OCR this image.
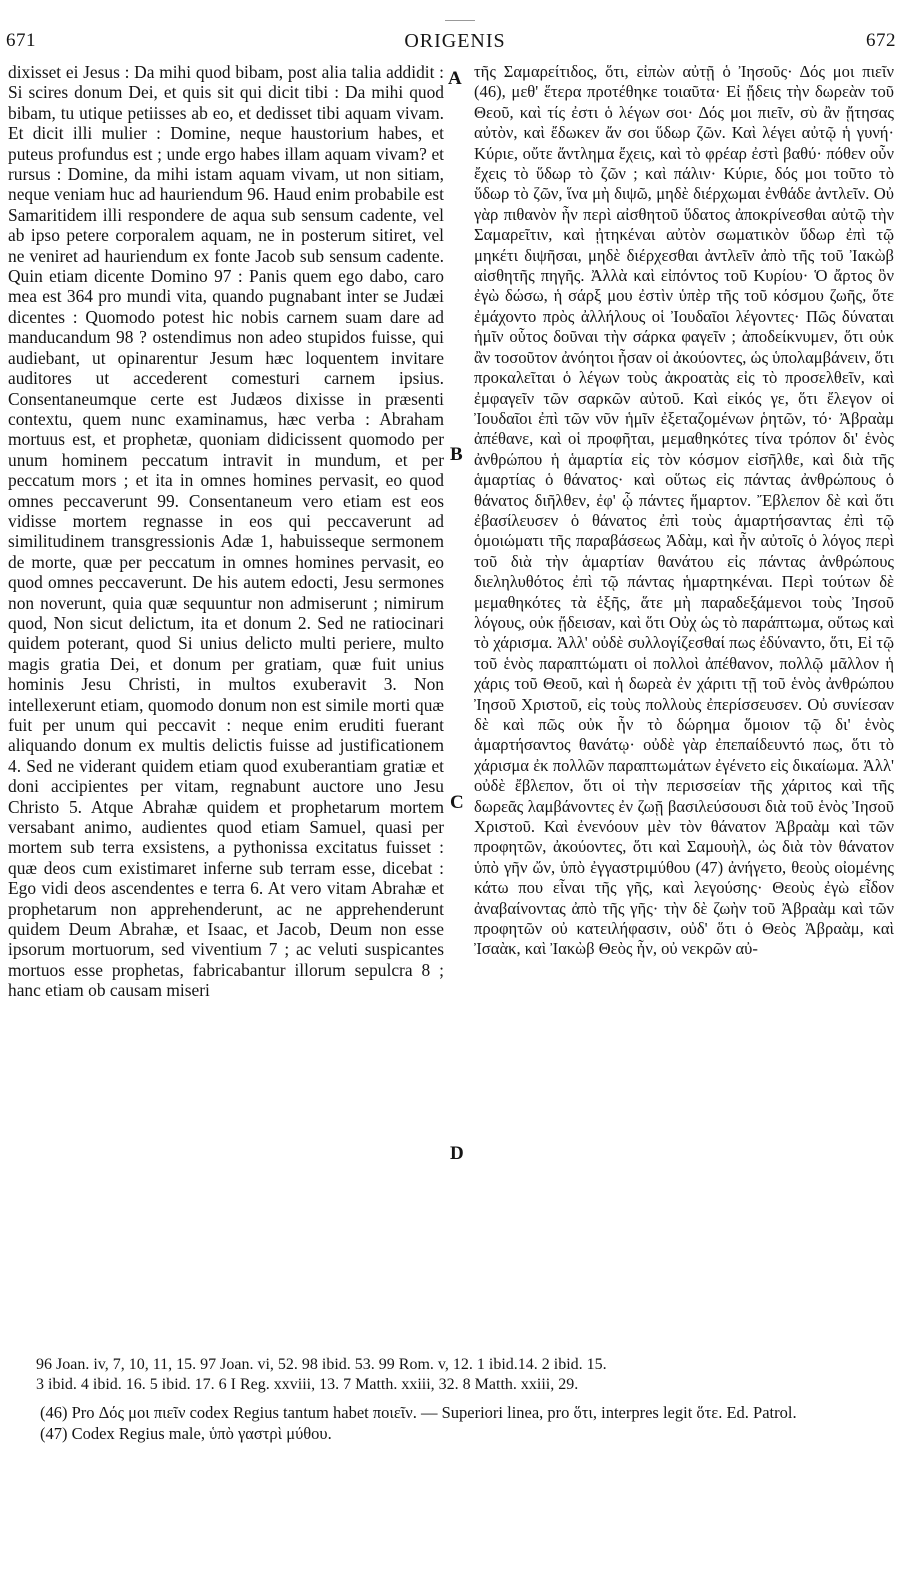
671	ORIGENIS	672

dixisset ei Jesus : Da mihi quod bibam, post alia talia addidit : Si scires donum Dei, et quis sit qui dicit tibi : Da mihi quod bibam, tu utique petiisses ab eo, et dedisset tibi aquam vivam. Et dicit illi mulier : Domine, neque haustorium habes, et puteus profundus est ; unde ergo habes illam aquam vivam? et rursus : Domine, da mihi istam aquam vivam, ut non sitiam, neque veniam huc ad hauriendum 96. Haud enim probabile est Samaritidem illi respondere de aqua sub sensum cadente, vel ab ipso petere corporalem aquam, ne in posterum sitiret, vel ne veniret ad hauriendum ex fonte Jacob sub sensum cadente. Quin etiam dicente Domino 97 : Panis quem ego dabo, caro mea est 364 pro mundi vita, quando pugnabant inter se Judæi dicentes : Quomodo potest hic nobis carnem suam dare ad manducandum 98 ? ostendimus non adeo stupidos fuisse, qui audiebant, ut opinarentur Jesum hæc loquentem invitare auditores ut accederent comesturi carnem ipsius. Consentaneumque certe est Judæos dixisse in præsenti contextu, quem nunc examinamus, hæc verba : Abraham mortuus est, et prophetæ, quoniam didicissent quomodo per unum hominem peccatum intravit in mundum, et per peccatum mors ; et ita in omnes homines pervasit, eo quod omnes peccaverunt 99. Consentaneum vero etiam est eos vidisse mortem regnasse in eos qui peccaverunt ad similitudinem transgressionis Adæ 1, habuisseque sermonem de morte, quæ per peccatum in omnes homines pervasit, eo quod omnes peccaverunt. De his autem edocti, Jesu sermones non noverunt, quia quæ sequuntur non admiserunt ; nimirum quod, Non sicut delictum, ita et donum 2. Sed ne ratiocinari quidem poterant, quod Si unius delicto multi periere, multo magis gratia Dei, et donum per gratiam, quæ fuit unius hominis Jesu Christi, in multos exuberavit 3. Non intellexerunt etiam, quomodo donum non est simile morti quæ fuit per unum qui peccavit : neque enim eruditi fuerant aliquando donum ex multis delictis fuisse ad justificationem 4. Sed ne viderant quidem etiam quod exuberantiam gratiæ et doni accipientes per vitam, regnabunt auctore uno Jesu Christo 5. Atque Abrahæ quidem et prophetarum mortem versabant animo, audientes quod etiam Samuel, quasi per mortem sub terra exsistens, a pythonissa excitatus fuisset : quæ deos cum existimaret inferne sub terram esse, dicebat : Ego vidi deos ascendentes e terra 6. At vero vitam Abrahæ et prophetarum non apprehenderunt, ac ne apprehenderunt quidem Deum Abrahæ, et Isaac, et Jacob, Deum non esse ipsorum mortuorum, sed viventium 7 ; ac veluti suspicantes mortuos esse prophetas, fabricabantur illorum sepulcra 8 ; hanc etiam ob causam miseri

A
B
C
D

τῆς Σαμαρείτιδος, ὅτι, εἰπὼν αὐτῇ ὁ Ἰησοῦς· Δός μοι πιεῖν (46), μεθ' ἕτερα προτέθηκε τοιαῦτα· Εἰ ᾔδεις τὴν δωρεὰν τοῦ Θεοῦ, καὶ τίς ἐστι ὁ λέγων σοι· Δός μοι πιεῖν, σὺ ἂν ᾔτησας αὐτὸν, καὶ ἔδωκεν ἄν σοι ὕδωρ ζῶν. Καὶ λέγει αὐτῷ ἡ γυνή· Κύριε, οὔτε ἄντλημα ἔχεις, καὶ τὸ φρέαρ ἐστὶ βαθύ· πόθεν οὖν ἔχεις τὸ ὕδωρ τὸ ζῶν ; καὶ πάλιν· Κύριε, δός μοι τοῦτο τὸ ὕδωρ τὸ ζῶν, ἵνα μὴ διψῶ, μηδὲ διέρχωμαι ἐνθάδε ἀντλεῖν. Οὐ γὰρ πιθανὸν ἦν περὶ αἰσθητοῦ ὕδατος ἀποκρίνεσθαι αὐτῷ τὴν Σαμαρεῖτιν, καὶ ᾐτηκέναι αὐτὸν σωματικὸν ὕδωρ ἐπὶ τῷ μηκέτι διψῆσαι, μηδὲ διέρχεσθαι ἀντλεῖν ἀπὸ τῆς τοῦ Ἰακὼβ αἰσθητῆς πηγῆς. Ἀλλὰ καὶ εἰπόντος τοῦ Κυρίου· Ὁ ἄρτος ὃν ἐγὼ δώσω, ἡ σάρξ μου ἐστὶν ὑπὲρ τῆς τοῦ κόσμου ζωῆς, ὅτε ἐμάχοντο πρὸς ἀλλήλους οἱ Ἰουδαῖοι λέγοντες· Πῶς δύναται ἡμῖν οὗτος δοῦναι τὴν σάρκα φαγεῖν ; ἀποδείκνυμεν, ὅτι οὐκ ἂν τοσοῦτον ἀνόητοι ἦσαν οἱ ἀκούοντες, ὡς ὑπολαμβάνειν, ὅτι προκαλεῖται ὁ λέγων τοὺς ἀκροατὰς εἰς τὸ προσελθεῖν, καὶ ἐμφαγεῖν τῶν σαρκῶν αὐτοῦ. Καὶ εἰκός γε, ὅτι ἔλεγον οἱ Ἰουδαῖοι ἐπὶ τῶν νῦν ἡμῖν ἐξεταζομένων ῥητῶν, τό· Ἀβραὰμ ἀπέθανε, καὶ οἱ προφῆται, μεμαθηκότες τίνα τρόπον δι' ἑνὸς ἀνθρώπου ἡ ἁμαρτία εἰς τὸν κόσμον εἰσῆλθε, καὶ διὰ τῆς ἁμαρτίας ὁ θάνατος· καὶ οὕτως εἰς πάντας ἀνθρώπους ὁ θάνατος διῆλθεν, ἐφ' ᾧ πάντες ἥμαρτον. Ἔβλεπον δὲ καὶ ὅτι ἐβασίλευσεν ὁ θάνατος ἐπὶ τοὺς ἁμαρτήσαντας ἐπὶ τῷ ὁμοιώματι τῆς παραβάσεως Ἀδὰμ, καὶ ἦν αὐτοῖς ὁ λόγος περὶ τοῦ διὰ τὴν ἁμαρτίαν θανάτου εἰς πάντας ἀνθρώπους διεληλυθότος ἐπὶ τῷ πάντας ἡμαρτηκέναι. Περὶ τούτων δὲ μεμαθηκότες τὰ ἑξῆς, ἅτε μὴ παραδεξάμενοι τοὺς Ἰησοῦ λόγους, οὐκ ᾔδεισαν, καὶ ὅτι Οὐχ ὡς τὸ παράπτωμα, οὕτως καὶ τὸ χάρισμα. Ἀλλ' οὐδὲ συλλογίζεσθαί πως ἐδύναντο, ὅτι, Εἰ τῷ τοῦ ἑνὸς παραπτώματι οἱ πολλοὶ ἀπέθανον, πολλῷ μᾶλλον ἡ χάρις τοῦ Θεοῦ, καὶ ἡ δωρεὰ ἐν χάριτι τῇ τοῦ ἑνὸς ἀνθρώπου Ἰησοῦ Χριστοῦ, εἰς τοὺς πολλοὺς ἐπερίσσευσεν. Οὐ συνίεσαν δὲ καὶ πῶς οὐκ ἦν τὸ δώρημα ὅμοιον τῷ δι' ἑνὸς ἁμαρτήσαντος θανάτῳ· οὐδὲ γὰρ ἐπεπαίδευντό πως, ὅτι τὸ χάρισμα ἐκ πολλῶν παραπτωμάτων ἐγένετο εἰς δικαίωμα. Ἀλλ' οὐδὲ ἔβλεπον, ὅτι οἱ τὴν περισσείαν τῆς χάριτος καὶ τῆς δωρεᾶς λαμβάνοντες ἐν ζωῇ βασιλεύσουσι διὰ τοῦ ἑνὸς Ἰησοῦ Χριστοῦ. Καὶ ἐνενόουν μὲν τὸν θάνατον Ἀβραὰμ καὶ τῶν προφητῶν, ἀκούοντες, ὅτι καὶ Σαμουὴλ, ὡς διὰ τὸν θάνατον ὑπὸ γῆν ὤν, ὑπὸ ἐγγαστριμύθου (47) ἀνήγετο, θεοὺς οἰομένης κάτω που εἶναι τῆς γῆς, καὶ λεγούσης· Θεοὺς ἐγὼ εἶδον ἀναβαίνοντας ἀπὸ τῆς γῆς· τὴν δὲ ζωὴν τοῦ Ἀβραὰμ καὶ τῶν προφητῶν οὐ κατειλήφασιν, οὐδ' ὅτι ὁ Θεὸς Ἀβραὰμ, καὶ Ἰσαὰκ, καὶ Ἰακὼβ Θεὸς ἦν, οὐ νεκρῶν αὐ-

96 Joan. iv, 7, 10, 11, 15. 97 Joan. vi, 52. 98 ibid. 53. 99 Rom. v, 12. 1 ibid.14. 2 ibid. 15.

3 ibid. 4 ibid. 16. 5 ibid. 17. 6 I Reg. xxviii, 13. 7 Matth. xxiii, 32. 8 Matth. xxiii, 29.

(46) Pro Δός μοι πιεῖν codex Regius tantum habet ποιεῖν. — Superiori linea, pro ὅτι, interpres legit ὅτε. Ed. Patrol.

(47) Codex Regius male, ὑπὸ γαστρὶ μύθου.
